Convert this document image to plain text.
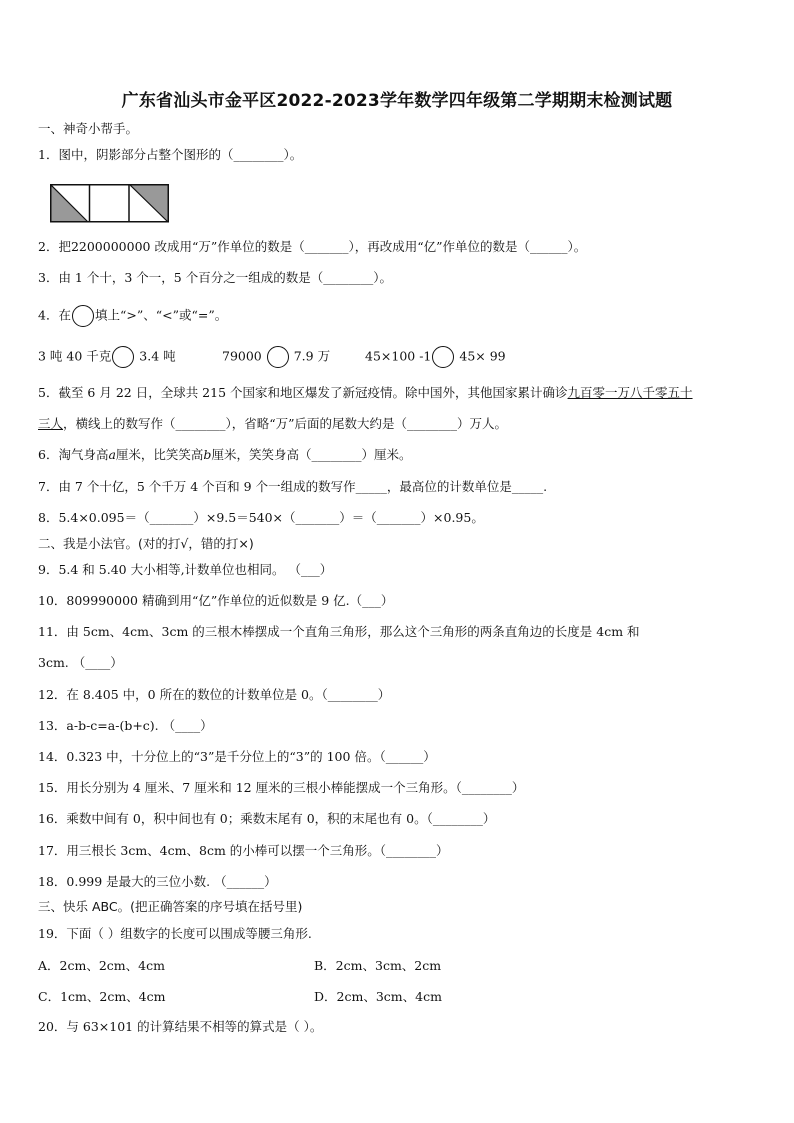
广东省汕头市金平区2022-2023学年数学四年级第二学期期末检测试题
一、神奇小帮手。
1．图中，阴影部分占整个图形的（________）。
2．把2200000000 改成用“万”作单位的数是（_______），再改成用“亿”作单位的数是（______）。
3．由 1 个十，3 个一，5 个百分之一组成的数是（________）。
4．在 填上“>”、“<”或“=”。
3 吨 40 千克 3.4 吨	79000	7.9 万	45×100 -1 45× 99
5．截至 6 月 22 日，全球共 215 个国家和地区爆发了新冠疫情。除中国外，其他国家累计确诊九百零一万八千零五十
三人，横线上的数写作（________），省略“万”后面的尾数大约是（________）万人。
6．淘气身高a厘米，比笑笑高b厘米，笑笑身高（________）厘米。
7．由 7 个十亿，5 个千万 4 个百和 9 个一组成的数写作_____，最高位的计数单位是_____.
8．5.4×0.095＝（_______）×9.5＝540×（_______）＝（_______）×0.95。
二、我是小法官。(对的打√，错的打×)
9．5.4 和 5.40 大小相等,计数单位也相同。 （___）
10．809990000 精确到用“亿”作单位的近似数是 9 亿.（___）
11．由 5cm、4cm、3cm 的三根木棒摆成一个直角三角形，那么这个三角形的两条直角边的长度是 4cm 和
3cm. （____）
12．在 8.405 中，0 所在的数位的计数单位是 0。（________）
13．a-b-c=a-(b+c). （____）
14．0.323 中，十分位上的“3”是千分位上的“3”的 100 倍。（______）
15．用长分别为 4 厘米、7 厘米和 12 厘米的三根小棒能摆成一个三角形。（________）
16．乘数中间有 0，积中间也有 0；乘数末尾有 0，积的末尾也有 0。（________）
17．用三根长 3cm、4cm、8cm 的小棒可以摆一个三角形。（________）
18．0.999 是最大的三位小数. （______）
三、快乐 ABC。(把正确答案的序号填在括号里)
19．下面（ ）组数字的长度可以围成等腰三角形.
A．2cm、2cm、4cm	B．2cm、3cm、2cm
C．1cm、2cm、4cm	D．2cm、3cm、4cm
20．与 63×101 的计算结果不相等的算式是（ ）。
